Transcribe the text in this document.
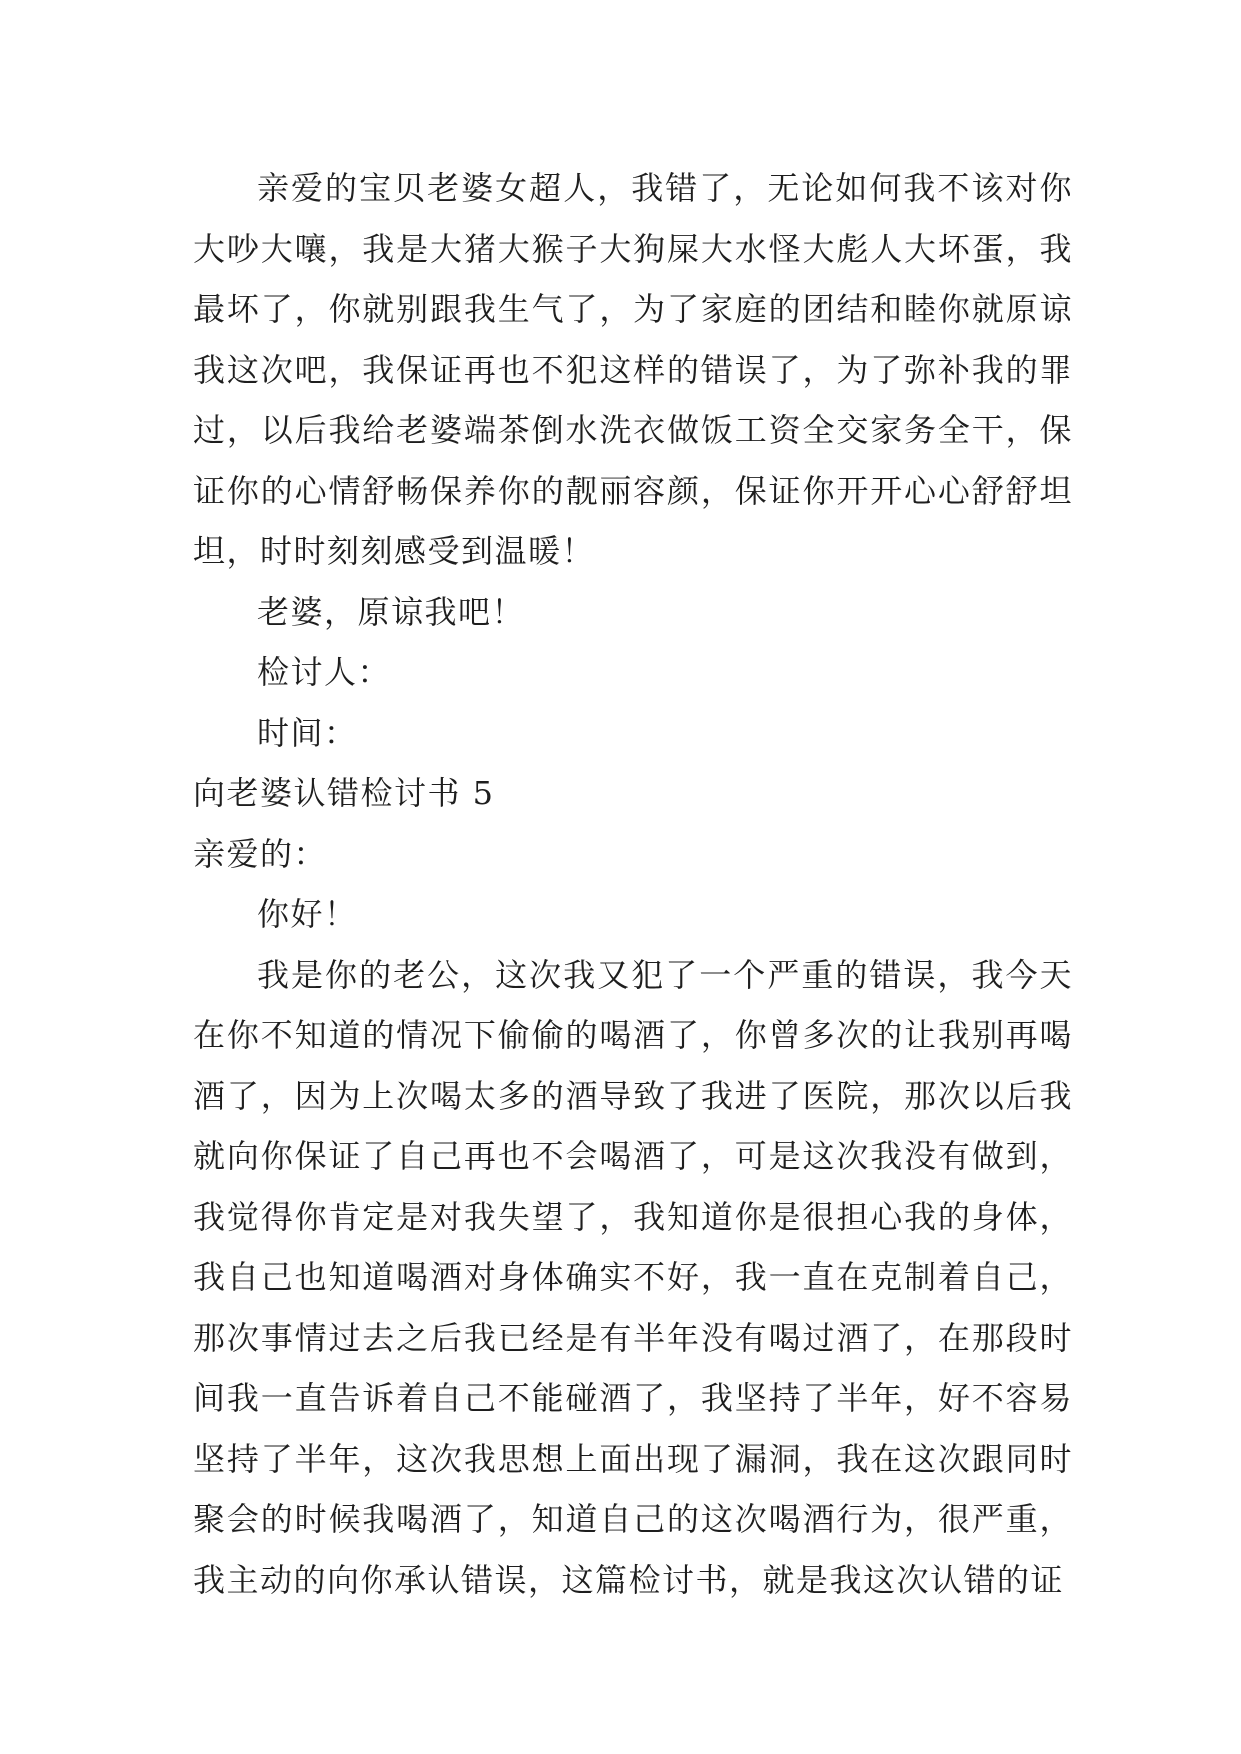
亲爱的宝贝老婆女超人，我错了，无论如何我不该对你大吵大嚷，我是大猪大猴子大狗屎大水怪大彪人大坏蛋，我最坏了，你就别跟我生气了，为了家庭的团结和睦你就原谅我这次吧，我保证再也不犯这样的错误了，为了弥补我的罪过，以后我给老婆端茶倒水洗衣做饭工资全交家务全干，保证你的心情舒畅保养你的靓丽容颜，保证你开开心心舒舒坦坦，时时刻刻感受到温暖！

老婆，原谅我吧！

检讨人：

时间：

向老婆认错检讨书 5

亲爱的：

你好！

我是你的老公，这次我又犯了一个严重的错误，我今天在你不知道的情况下偷偷的喝酒了，你曾多次的让我别再喝酒了，因为上次喝太多的酒导致了我进了医院，那次以后我就向你保证了自己再也不会喝酒了，可是这次我没有做到，我觉得你肯定是对我失望了，我知道你是很担心我的身体，我自己也知道喝酒对身体确实不好，我一直在克制着自己，那次事情过去之后我已经是有半年没有喝过酒了，在那段时间我一直告诉着自己不能碰酒了，我坚持了半年，好不容易坚持了半年，这次我思想上面出现了漏洞，我在这次跟同时聚会的时候我喝酒了，知道自己的这次喝酒行为，很严重，我主动的向你承认错误，这篇检讨书，就是我这次认错的证
